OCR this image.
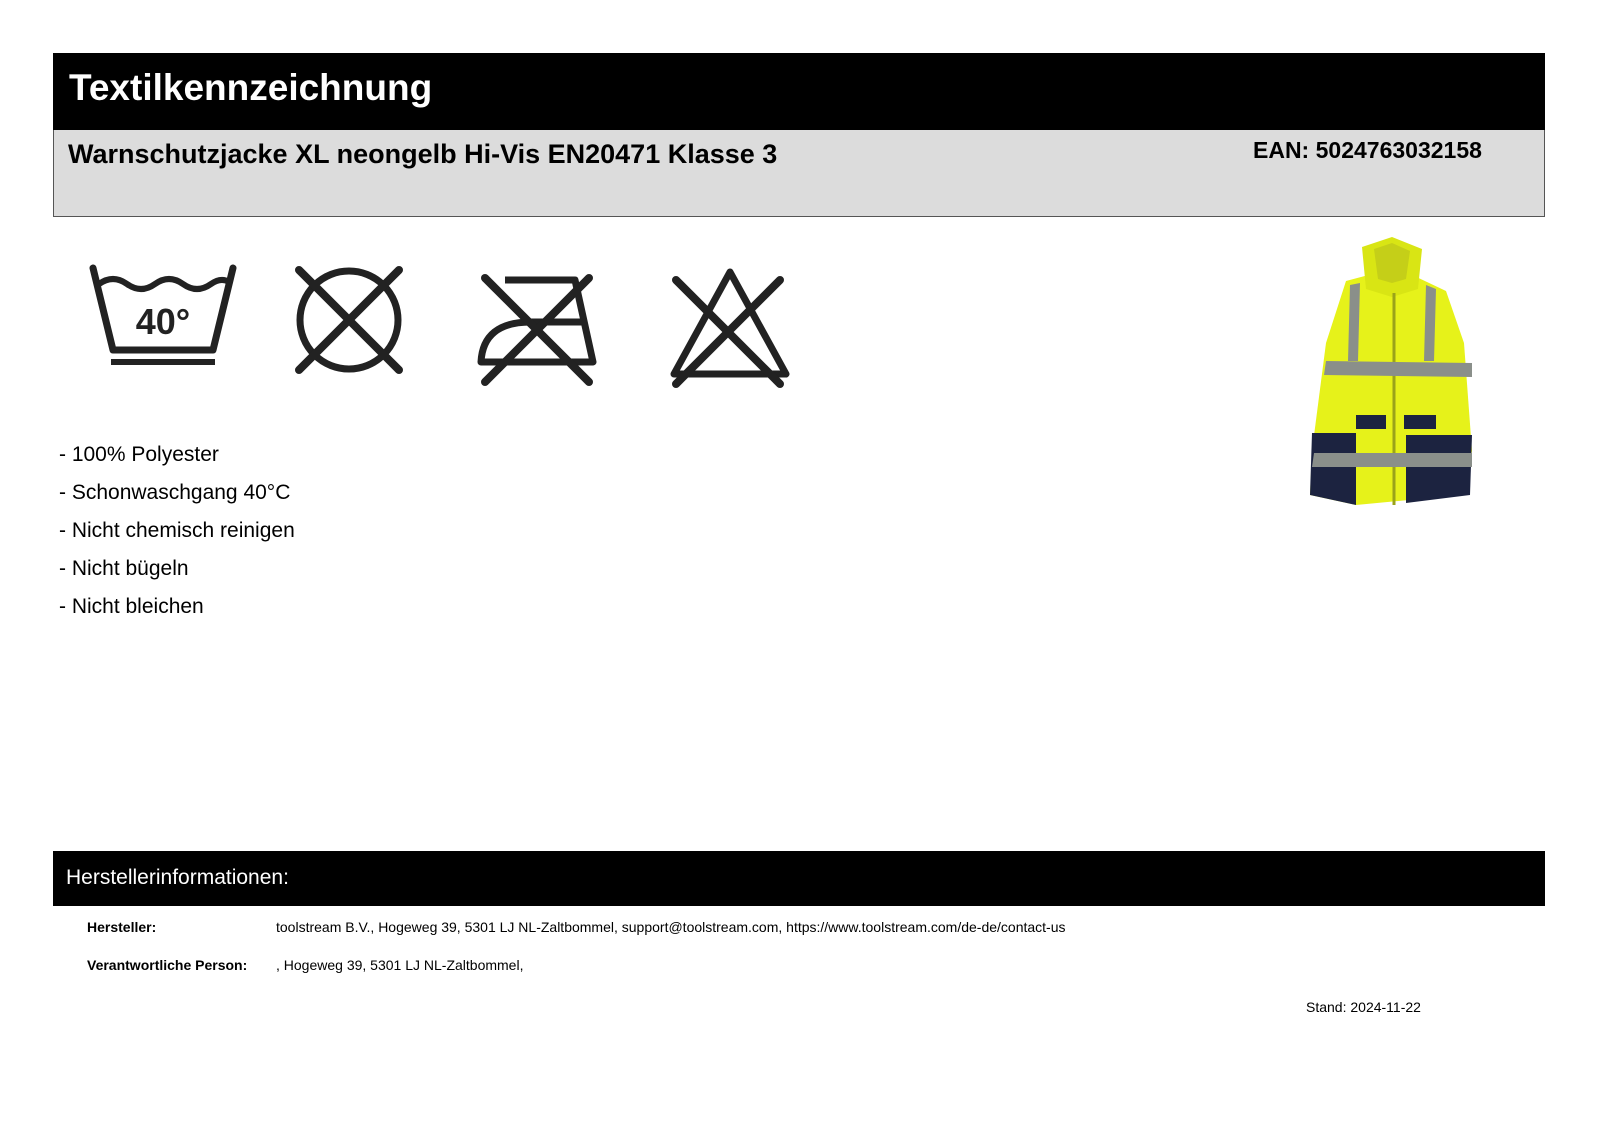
Textilkennzeichnung
Warnschutzjacke XL neongelb Hi-Vis EN20471 Klasse 3	EAN: 5024763032158
40°
- 100% Polyester
- Schonwaschgang 40°C
- Nicht chemisch reinigen
- Nicht bügeln
- Nicht bleichen
Herstellerinformationen:
Hersteller:	toolstream B.V., Hogeweg 39, 5301 LJ NL-Zaltbommel, support@toolstream.com, https://www.toolstream.com/de-de/contact-us
Verantwortliche Person: , Hogeweg 39, 5301 LJ NL-Zaltbommel,
Stand: 2024-11-22
